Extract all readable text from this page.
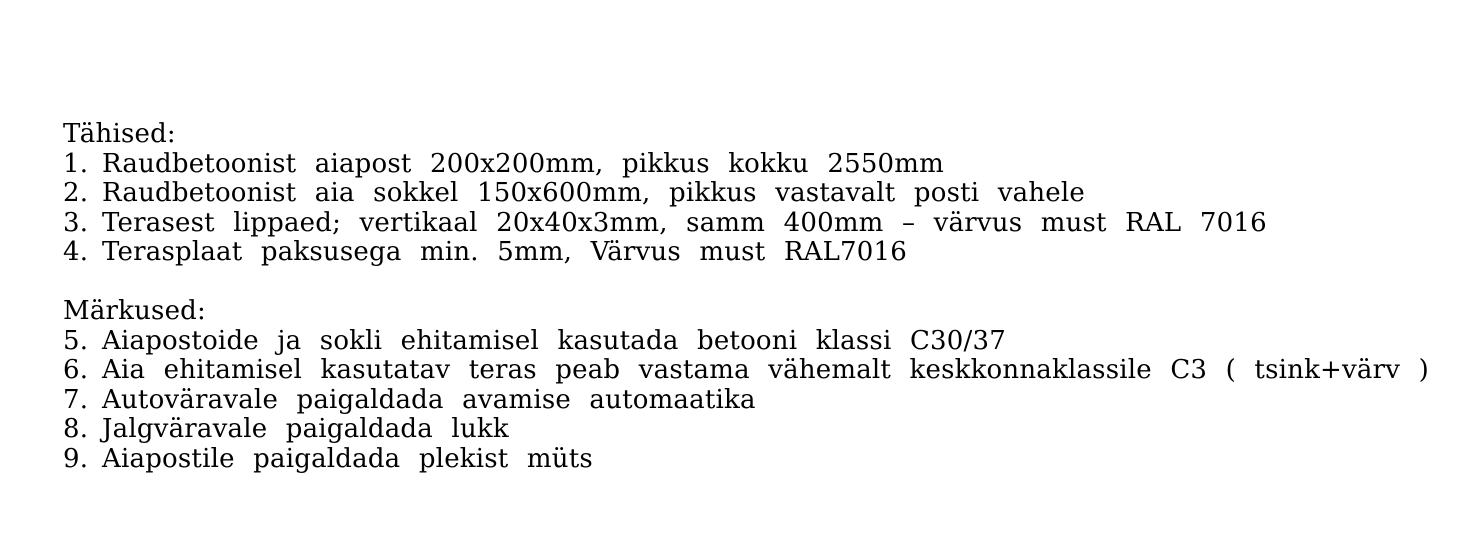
Tähised:
1. Raudbetoonist aiapost 200x200mm, pikkus kokku 2550mm
2. Raudbetoonist aia sokkel 150x600mm, pikkus vastavalt posti vahele
3. Terasest lippaed; vertikaal 20x40x3mm, samm 400mm – värvus must RAL 7016
4. Terasplaat paksusega min. 5mm, Värvus must RAL7016
Märkused:
5. Aiapostoide ja sokli ehitamisel kasutada betooni klassi C30/37
6. Aia ehitamisel kasutatav teras peab vastama vähemalt keskkonnaklassile C3 ( tsink+värv )
7. Autoväravale paigaldada avamise automaatika
8. Jalgväravale paigaldada lukk
9. Aiapostile paigaldada plekist müts
